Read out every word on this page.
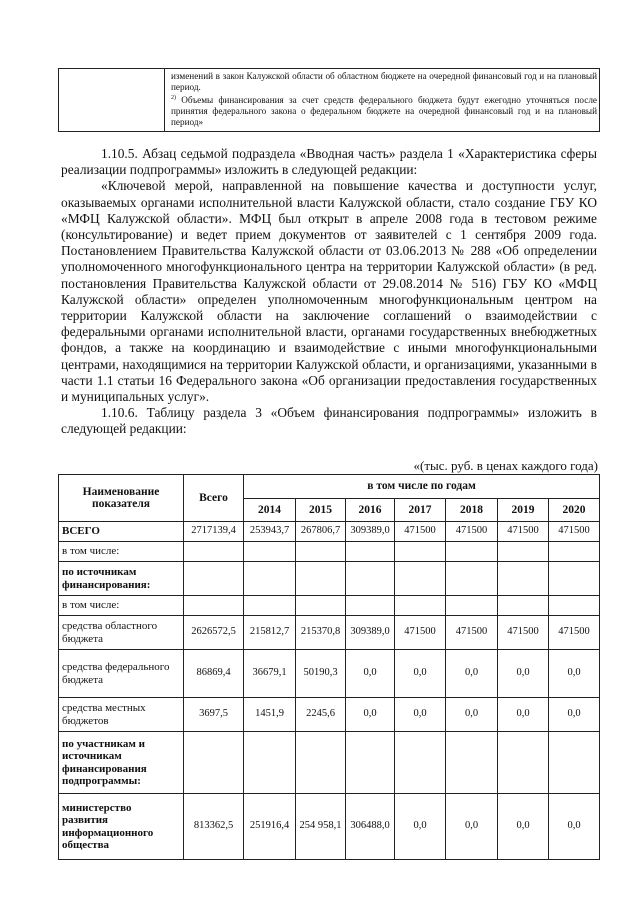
изменений в закон Калужской области об областном бюджете на очередной финансовый год и на плановый период.

$^{2)}$ Объемы финансирования за счет средств федерального бюджета будут ежегодно уточняться после принятия федерального закона о федеральном бюджете на очередной финансовый год и на плановый период»

1.10.5. Абзац седьмой подраздела «Вводная часть» раздела 1 «Характеристика сферы реализации подпрограммы» изложить в следующей редакции:

«Ключевой мерой, направленной на повышение качества и доступности услуг, оказываемых органами исполнительной власти Калужской области, стало создание ГБУ КО «МФЦ Калужской области». МФЦ был открыт в апреле 2008 года в тестовом режиме (консультирование) и ведет прием документов от заявителей с 1 сентября 2009 года. Постановлением Правительства Калужской области от 03.06.2013 № 288 «Об определении уполномоченного многофункционального центра на территории Калужской области» (в ред. постановления Правительства Калужской области от 29.08.2014 № 516) ГБУ КО «МФЦ Калужской области» определен уполномоченным многофункциональным центром на территории Калужской области на заключение соглашений о взаимодействии с федеральными органами исполнительной власти, органами государственных внебюджетных фондов, а также на координацию и взаимодействие с иными многофункциональными центрами, находящимися на территории Калужской области, и организациями, указанными в части 1.1 статьи 16 Федерального закона «Об организации предоставления государственных и муниципальных услуг».

1.10.6. Таблицу раздела 3 «Объем финансирования подпрограммы» изложить в следующей редакции:

«(тыс. руб. в ценах каждого года)
Наименование показателя	Всего	в том числе по годам						
		2014	2015	2016	2017	2018	2019	2020
ВСЕГО	2717139,4	253943,7	267806,7	309389,0	471500	471500	471500	471500
в том числе:								
по источникам финансирования:								
в том числе:								
средства областного бюджета	2626572,5	215812,7	215370,8	309389,0	471500	471500	471500	471500
средства федерального бюджета	86869,4	36679,1	50190,3	0,0	0,0	0,0	0,0	0,0
средства местных бюджетов	3697,5	1451,9	2245,6	0,0	0,0	0,0	0,0	0,0
по участникам и источникам финансирования подпрограммы:								
министерство развития информационного общества	813362,5	251916,4	254 958,1	306488,0	0,0	0,0	0,0	0,0
